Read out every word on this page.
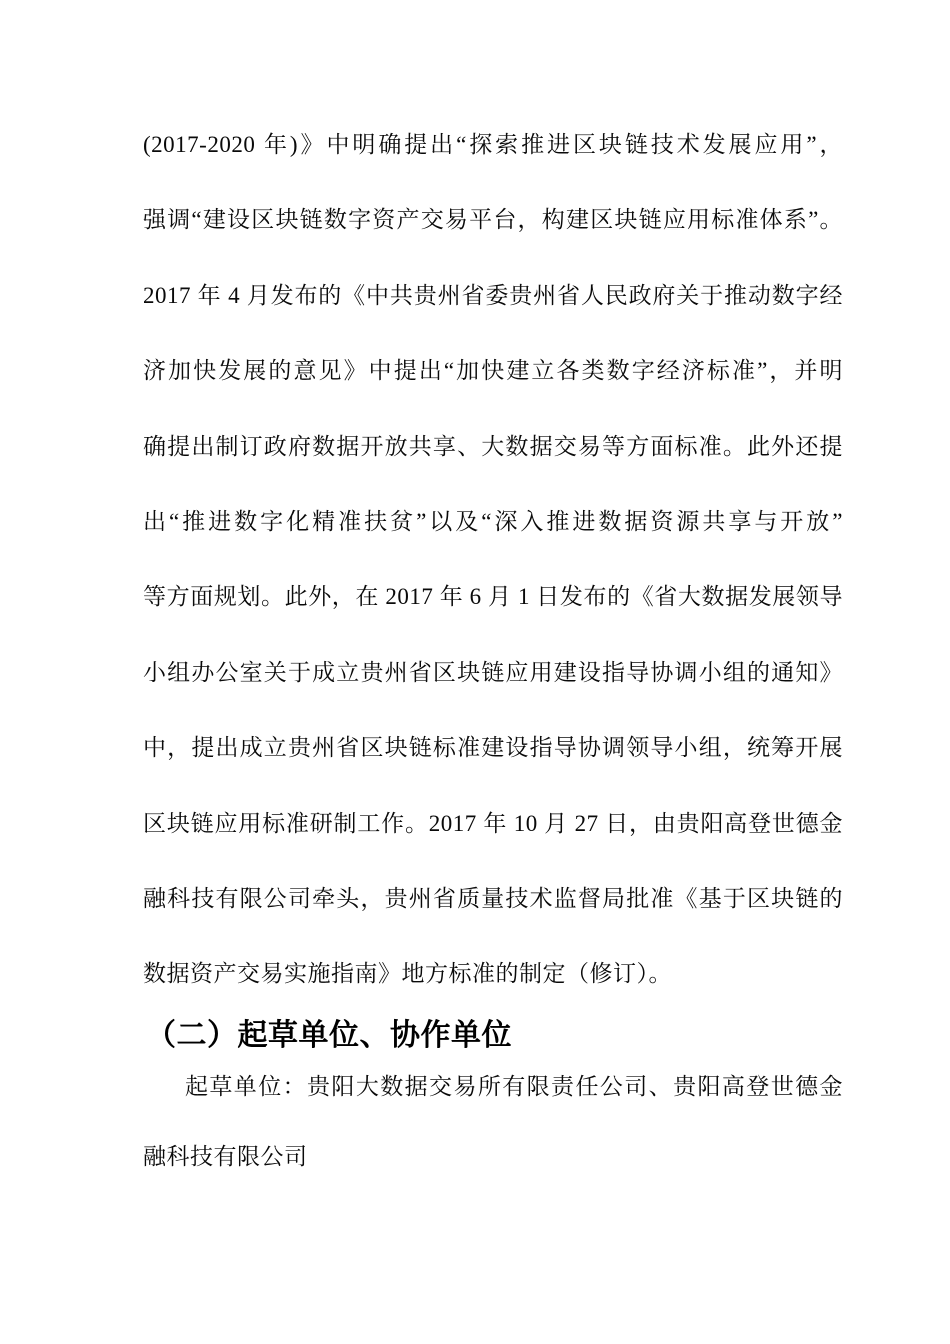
(2017-2020 年)》中明确提出“探索推进区块链技术发展应用”，
强调“建设区块链数字资产交易平台，构建区块链应用标准体系”。
2017 年 4 月发布的《中共贵州省委贵州省人民政府关于推动数字经
济加快发展的意见》中提出“加快建立各类数字经济标准”，并明
确提出制订政府数据开放共享、大数据交易等方面标准。此外还提
出“推进数字化精准扶贫”以及“深入推进数据资源共享与开放”
等方面规划。此外，在 2017 年 6 月 1 日发布的《省大数据发展领导
小组办公室关于成立贵州省区块链应用建设指导协调小组的通知》
中，提出成立贵州省区块链标准建设指导协调领导小组，统筹开展
区块链应用标准研制工作。2017 年 10 月 27 日，由贵阳高登世德金
融科技有限公司牵头，贵州省质量技术监督局批准《基于区块链的
数据资产交易实施指南》地方标准的制定（修订）。
（二）起草单位、协作单位
起草单位：贵阳大数据交易所有限责任公司、贵阳高登世德金
融科技有限公司
